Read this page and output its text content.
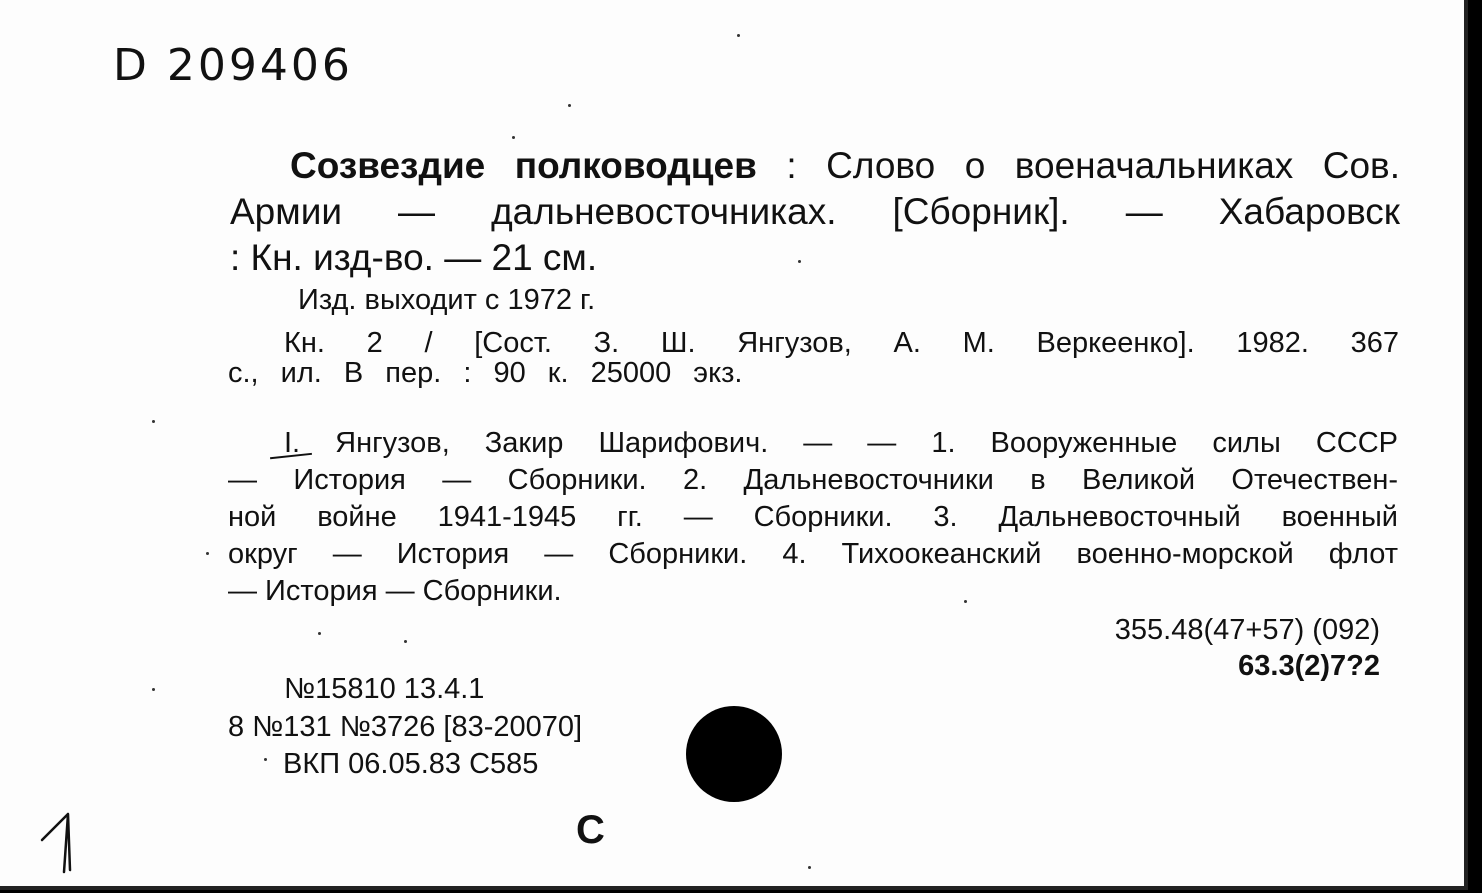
D 209406
Созвездие полководцев : Слово о военачальниках Сов.
Армии — дальневосточниках. [Сборник]. — Хабаровск
: Кн. изд-во. — 21 см.
Изд. выходит с 1972 г.
Кн. 2 / [Сост. З. Ш. Янгузов, А. М. Веркеенко]. 1982. 367
с., ил. В пер. : 90 к. 25000 экз.
I. Янгузов, Закир Шарифович. — — 1. Вооруженные силы СССР
— История — Сборники. 2. Дальневосточники в Великой Отечествен-
ной войне 1941-1945 гг. — Сборники. 3. Дальневосточный военный
округ — История — Сборники. 4. Тихоокеанский военно-морской флот
— История — Сборники.
355.48(47+57) (092)
63.3(2)7?2
№15810 13.4.1
8 №131 №3726 [83-20070]
ВКП 06.05.83 С585
С
